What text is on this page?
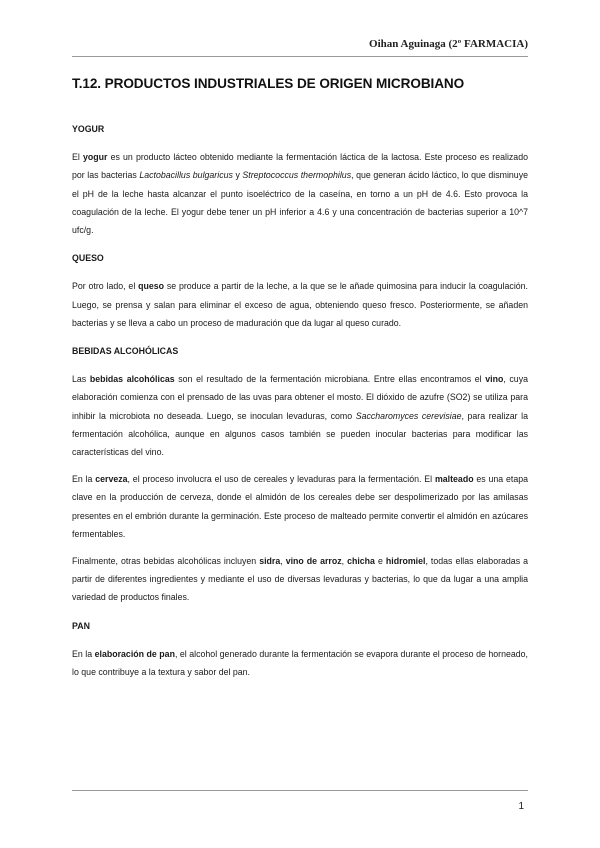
Oihan Aguinaga (2º FARMACIA)
T.12. PRODUCTOS INDUSTRIALES DE ORIGEN MICROBIANO

YOGUR

El yogur es un producto lácteo obtenido mediante la fermentación láctica de la lactosa. Este proceso es realizado por las bacterias Lactobacillus bulgaricus y Streptococcus thermophilus, que generan ácido láctico, lo que disminuye el pH de la leche hasta alcanzar el punto isoeléctrico de la caseína, en torno a un pH de 4.6. Esto provoca la coagulación de la leche. El yogur debe tener un pH inferior a 4.6 y una concentración de bacterias superior a 10^7 ufc/g.

QUESO

Por otro lado, el queso se produce a partir de la leche, a la que se le añade quimosina para inducir la coagulación. Luego, se prensa y salan para eliminar el exceso de agua, obteniendo queso fresco. Posteriormente, se añaden bacterias y se lleva a cabo un proceso de maduración que da lugar al queso curado.

BEBIDAS ALCOHÓLICAS

Las bebidas alcohólicas son el resultado de la fermentación microbiana. Entre ellas encontramos el vino, cuya elaboración comienza con el prensado de las uvas para obtener el mosto. El dióxido de azufre (SO2) se utiliza para inhibir la microbiota no deseada. Luego, se inoculan levaduras, como Saccharomyces cerevisiae, para realizar la fermentación alcohólica, aunque en algunos casos también se pueden inocular bacterias para modificar las características del vino.

En la cerveza, el proceso involucra el uso de cereales y levaduras para la fermentación. El malteado es una etapa clave en la producción de cerveza, donde el almidón de los cereales debe ser despolimerizado por las amilasas presentes en el embrión durante la germinación. Este proceso de malteado permite convertir el almidón en azúcares fermentables.

Finalmente, otras bebidas alcohólicas incluyen sidra, vino de arroz, chicha e hidromiel, todas ellas elaboradas a partir de diferentes ingredientes y mediante el uso de diversas levaduras y bacterias, lo que da lugar a una amplia variedad de productos finales.

PAN

En la elaboración de pan, el alcohol generado durante la fermentación se evapora durante el proceso de horneado, lo que contribuye a la textura y sabor del pan.

1
